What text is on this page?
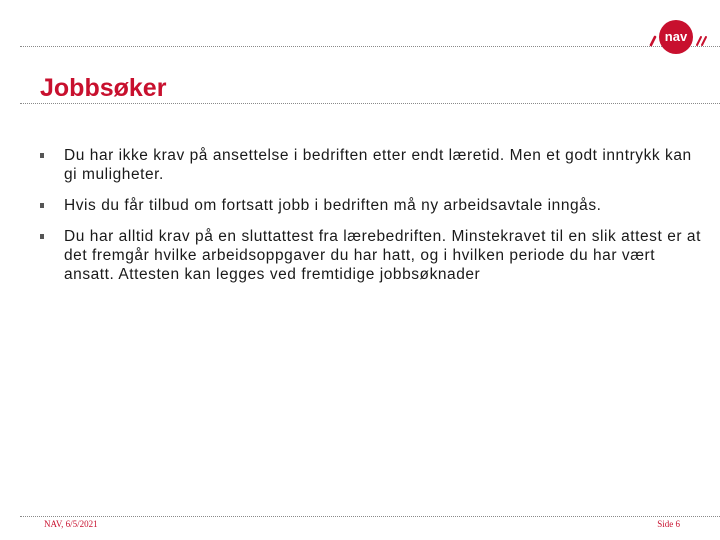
nav
Jobbsøker
Du har ikke krav på ansettelse i bedriften etter endt læretid. Men et godt inntrykk kan gi muligheter.
Hvis du får tilbud om fortsatt jobb i bedriften må ny arbeidsavtale inngås.
Du har alltid krav på en sluttattest fra lærebedriften. Minstekravet til en slik attest er at det fremgår hvilke arbeidsoppgaver du har hatt, og i hvilken periode du har vært ansatt. Attesten kan legges ved fremtidige jobbsøknader
NAV, 6/5/2021	Side 6
